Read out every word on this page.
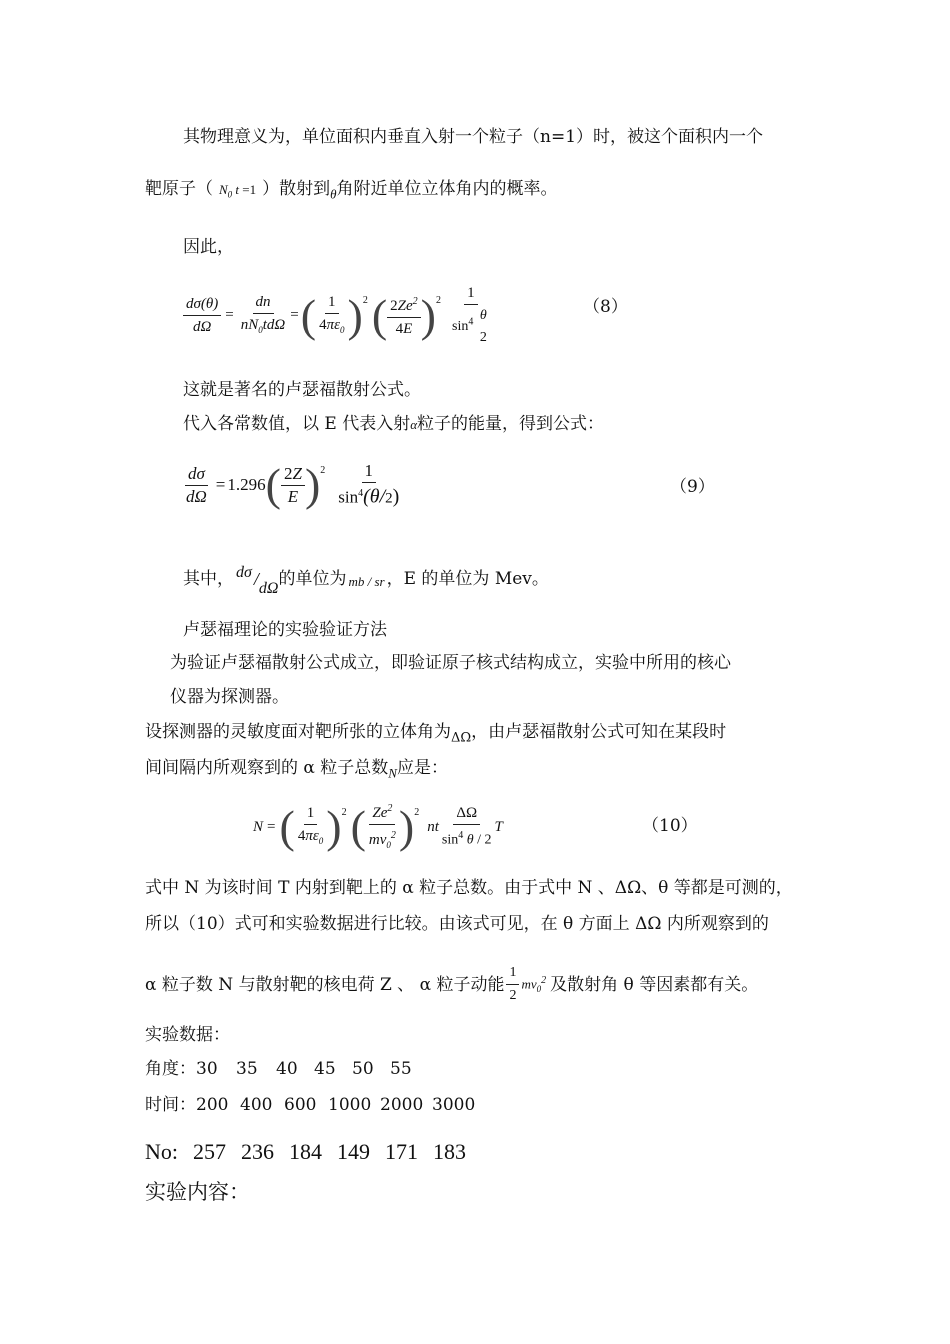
其物理意义为，单位面积内垂直入射一个粒子（n=1）时，被这个面积内一个
靶原子（ $N_0$ t =1 ）散射到$_\theta$角附近单位立体角内的概率。
因此，
$\frac{d\sigma(\theta)}{d\Omega} = \frac{dn}{nN_0td\Omega}$ = ( $\frac{1}{4\pi\varepsilon_0}$ ) 2 ( $\frac{2Ze^2}{4E}$ ) 2 1
$\sin^4 \theta$
2	（8）
这就是著名的卢瑟福散射公式。
代入各常数值，以 E 代表入射α粒子的能量，得到公式：
$\frac{d\sigma}{d\Omega} = 1.296$ ( $\frac{2Z}{E}$ ) $2 \frac{1}{\sin^4(\theta/2)}$	（9）
其中， dσ / dΩ 的单位为 mb / sr ，E 的单位为 Mev。
卢瑟福理论的实验验证方法
为验证卢瑟福散射公式成立，即验证原子核式结构成立，实验中所用的核心
仪器为探测器。
设探测器的灵敏度面对靶所张的立体角为$_{\Delta\Omega}$，由卢瑟福散射公式可知在某段时
间间隔内所观察到的 α 粒子总数$_N$应是：
N = ( $\frac{1}{4\pi\varepsilon_0}$ ) 2 ( $\frac{Ze^2}{mv_0^2}$ ) 2
nt $\frac{\Delta\Omega}{\sin^4 \theta / 2}$ T	（10）
式中 N 为该时间 T 内射到靶上的 α 粒子总数。由于式中 N 、ΔΩ、θ 等都是可测的，
所以（10）式可和实验数据进行比较。由该式可见，在 θ 方面上 ΔΩ 内所观察到的
α 粒子数 N 与散射靶的核电荷 Z 、 α 粒子动能 $\frac{1}{2} mv_0^2$ 及散射角 θ 等因素都有关。
实验数据：
角度： 30	35	40 45 50 55
时间： 200 400 600 1000 2000 3000
No: 257 236 184 149 171 183
实验内容：
